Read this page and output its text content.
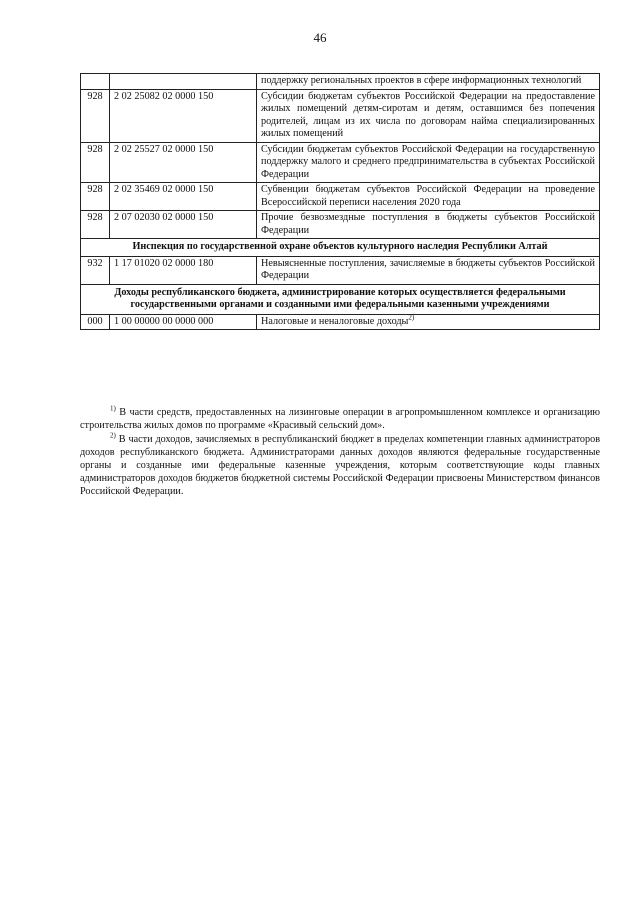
46
		поддержку региональных проектов в сфере информационных технологий
928	2 02 25082 02 0000 150	Субсидии бюджетам субъектов Российской Федерации на предоставление жилых помещений детям-сиротам и детям, оставшимся без попечения родителей, лицам из их числа по договорам найма специализированных жилых помещений
928	2 02 25527 02 0000 150	Субсидии бюджетам субъектов Российской Федерации на государственную поддержку малого и среднего предпринимательства в субъектах Российской Федерации
928	2 02 35469 02 0000 150	Субвенции бюджетам субъектов Российской Федерации на проведение Всероссийской переписи населения 2020 года
928	2 07 02030 02 0000 150	Прочие безвозмездные поступления в бюджеты субъектов Российской Федерации
Инспекция по государственной охране объектов культурного наследия Республики Алтай		
932	1 17 01020 02 0000 180	Невыясненные поступления, зачисляемые в бюджеты субъектов Российской Федерации
Доходы республиканского бюджета, администрирование которых осуществляется федеральными государственными органами и созданными ими федеральными казенными учреждениями		
000	1 00 00000 00 0000 000	Налоговые и неналоговые доходы$^{2)}$

$^{1)}$ В части средств, предоставленных на лизинговые операции в агропромышленном комплексе и организацию строительства жилых домов по программе «Красивый сельский дом».

$^{2)}$ В части доходов, зачисляемых в республиканский бюджет в пределах компетенции главных администраторов доходов республиканского бюджета. Администраторами данных доходов являются федеральные государственные органы и созданные ими федеральные казенные учреждения, которым соответствующие коды главных администраторов доходов бюджетов бюджетной системы Российской Федерации присвоены Министерством финансов Российской Федерации.
